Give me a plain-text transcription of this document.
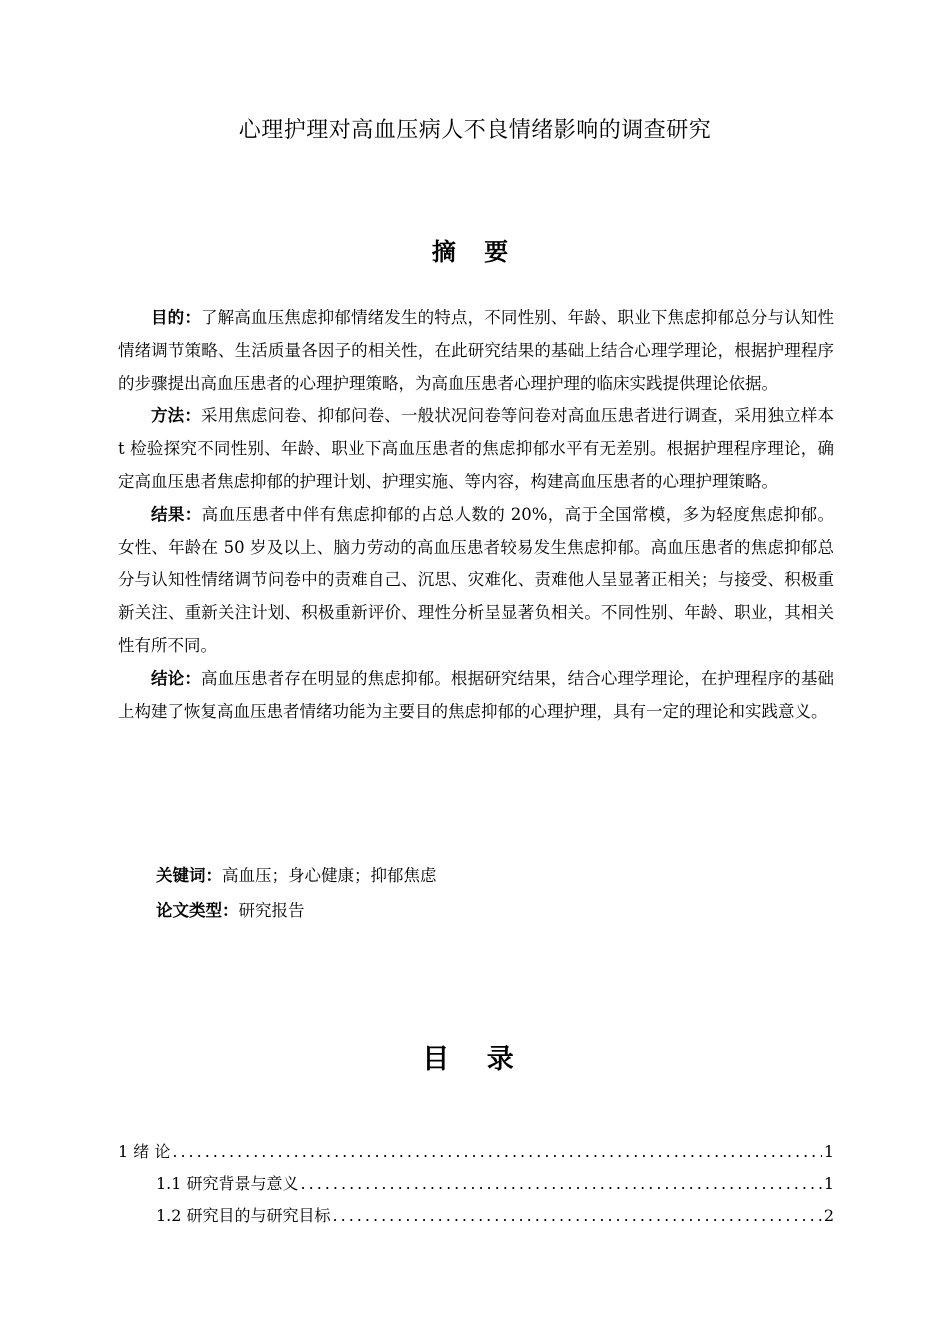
心理护理对高血压病人不良情绪影响的调查研究
摘 要

目的：了解高血压焦虑抑郁情绪发生的特点，不同性别、年龄、职业下焦虑抑郁总分与认知性情绪调节策略、生活质量各因子的相关性，在此研究结果的基础上结合心理学理论，根据护理程序的步骤提出高血压患者的心理护理策略，为高血压患者心理护理的临床实践提供理论依据。

方法：采用焦虑问卷、抑郁问卷、一般状况问卷等问卷对高血压患者进行调查，采用独立样本 t 检验探究不同性别、年龄、职业下高血压患者的焦虑抑郁水平有无差别。根据护理程序理论，确定高血压患者焦虑抑郁的护理计划、护理实施、等内容，构建高血压患者的心理护理策略。

结果：高血压患者中伴有焦虑抑郁的占总人数的 20%，高于全国常模，多为轻度焦虑抑郁。女性、年龄在 50 岁及以上、脑力劳动的高血压患者较易发生焦虑抑郁。高血压患者的焦虑抑郁总分与认知性情绪调节问卷中的责难自己、沉思、灾难化、责难他人呈显著正相关；与接受、积极重新关注、重新关注计划、积极重新评价、理性分析呈显著负相关。不同性别、年龄、职业，其相关性有所不同。

结论：高血压患者存在明显的焦虑抑郁。根据研究结果，结合心理学理论，在护理程序的基础上构建了恢复高血压患者情绪功能为主要目的焦虑抑郁的心理护理，具有一定的理论和实践意义。

关键词：高血压；身心健康；抑郁焦虑

论文类型：研究报告

目 录
1 绪 论 .....	1
1.1 研究背景与意义 .....	1
1.2 研究目的与研究目标 .....	2
